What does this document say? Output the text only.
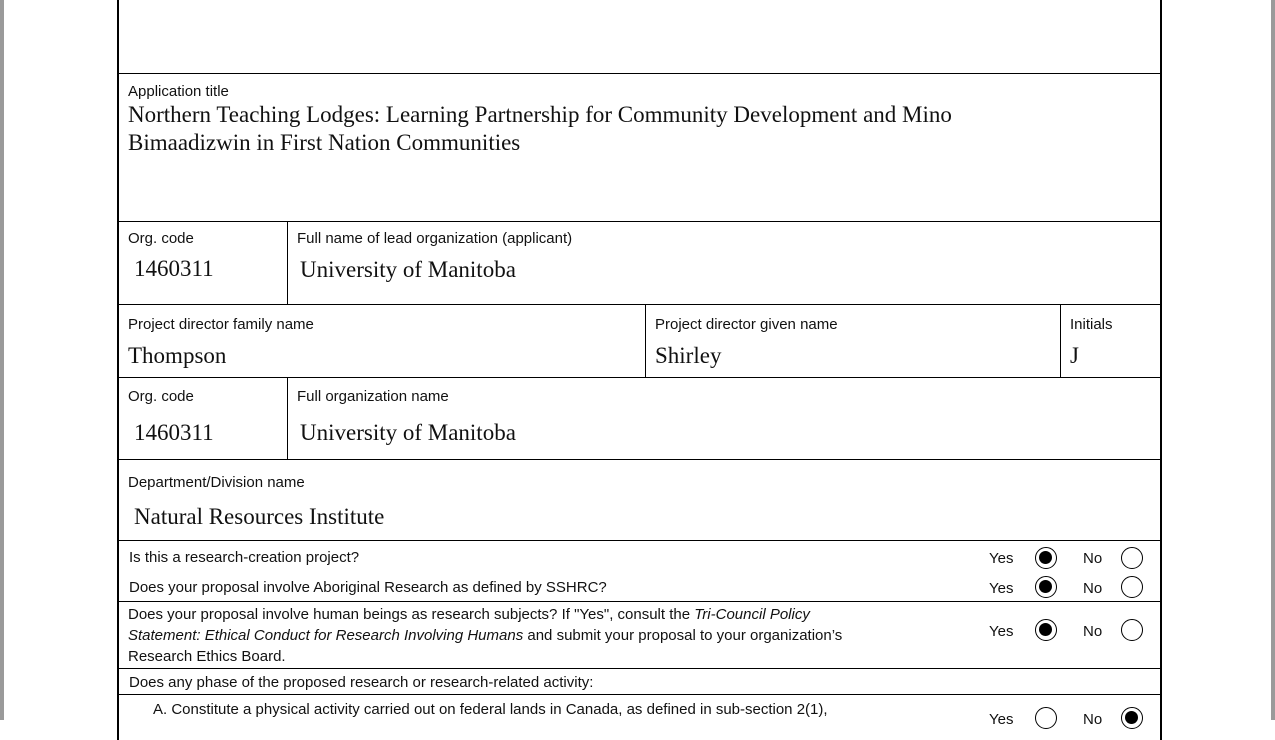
Application title
Northern Teaching Lodges: Learning Partnership for Community Development and Mino
Bimaadizwin in First Nation Communities
Org. code
1460311
Full name of lead organization (applicant)
University of Manitoba
Project director family name
Thompson
Project director given name
Shirley
Initials
J
Org. code
1460311
Full organization name
University of Manitoba
Department/Division name
Natural Resources Institute
Is this a research-creation project?	Yes	No
Does your proposal involve Aboriginal Research as defined by SSHRC?	Yes	No
Does your proposal involve human beings as research subjects? If "Yes", consult the Tri-Council Policy Statement: Ethical Conduct for Research Involving Humans and submit your proposal to your organization’s Research Ethics Board.
Yes	No
Does any phase of the proposed research or research-related activity:
A. Constitute a physical activity carried out on federal lands in Canada, as defined in sub-section 2(1),
Yes	No
